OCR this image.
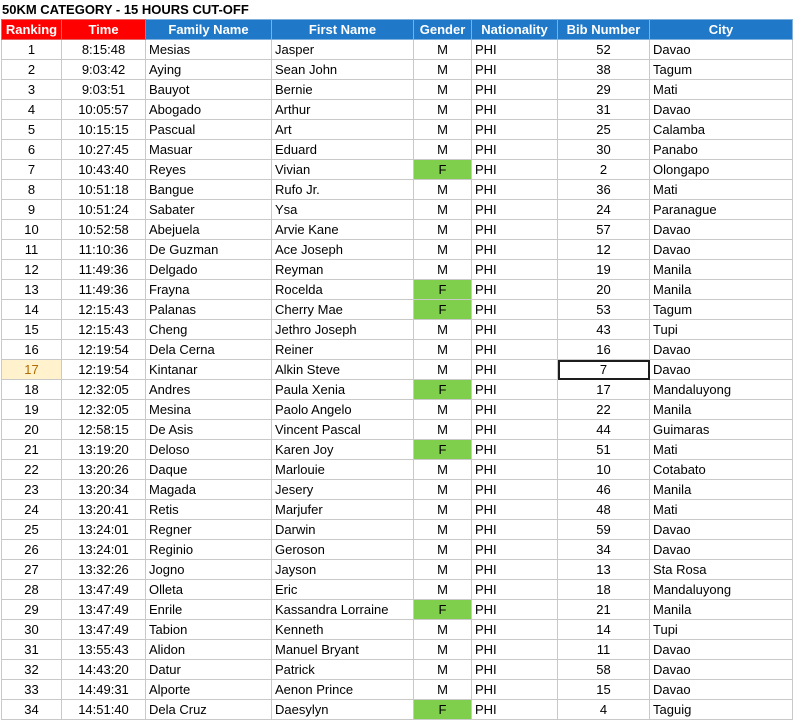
50KM CATEGORY - 15 HOURS CUT-OFF
Ranking	Time	Family Name	First Name	Gender	Nationality	Bib Number	City
1	8:15:48	Mesias	Jasper	M	PHI	52	Davao
2	9:03:42	Aying	Sean John	M	PHI	38	Tagum
3	9:03:51	Bauyot	Bernie	M	PHI	29	Mati
4	10:05:57	Abogado	Arthur	M	PHI	31	Davao
5	10:15:15	Pascual	Art	M	PHI	25	Calamba
6	10:27:45	Masuar	Eduard	M	PHI	30	Panabo
7	10:43:40	Reyes	Vivian	F	PHI	2	Olongapo
8	10:51:18	Bangue	Rufo Jr.	M	PHI	36	Mati
9	10:51:24	Sabater	Ysa	M	PHI	24	Paranague
10	10:52:58	Abejuela	Arvie Kane	M	PHI	57	Davao
11	11:10:36	De Guzman	Ace Joseph	M	PHI	12	Davao
12	11:49:36	Delgado	Reyman	M	PHI	19	Manila
13	11:49:36	Frayna	Rocelda	F	PHI	20	Manila
14	12:15:43	Palanas	Cherry Mae	F	PHI	53	Tagum
15	12:15:43	Cheng	Jethro Joseph	M	PHI	43	Tupi
16	12:19:54	Dela Cerna	Reiner	M	PHI	16	Davao
17	12:19:54	Kintanar	Alkin Steve	M	PHI	7	Davao
18	12:32:05	Andres	Paula Xenia	F	PHI	17	Mandaluyong
19	12:32:05	Mesina	Paolo Angelo	M	PHI	22	Manila
20	12:58:15	De Asis	Vincent Pascal	M	PHI	44	Guimaras
21	13:19:20	Deloso	Karen Joy	F	PHI	51	Mati
22	13:20:26	Daque	Marlouie	M	PHI	10	Cotabato
23	13:20:34	Magada	Jesery	M	PHI	46	Manila
24	13:20:41	Retis	Marjufer	M	PHI	48	Mati
25	13:24:01	Regner	Darwin	M	PHI	59	Davao
26	13:24:01	Reginio	Geroson	M	PHI	34	Davao
27	13:32:26	Jogno	Jayson	M	PHI	13	Sta Rosa
28	13:47:49	Olleta	Eric	M	PHI	18	Mandaluyong
29	13:47:49	Enrile	Kassandra Lorraine	F	PHI	21	Manila
30	13:47:49	Tabion	Kenneth	M	PHI	14	Tupi
31	13:55:43	Alidon	Manuel Bryant	M	PHI	11	Davao
32	14:43:20	Datur	Patrick	M	PHI	58	Davao
33	14:49:31	Alporte	Aenon Prince	M	PHI	15	Davao
34	14:51:40	Dela Cruz	Daesylyn	F	PHI	4	Taguig
